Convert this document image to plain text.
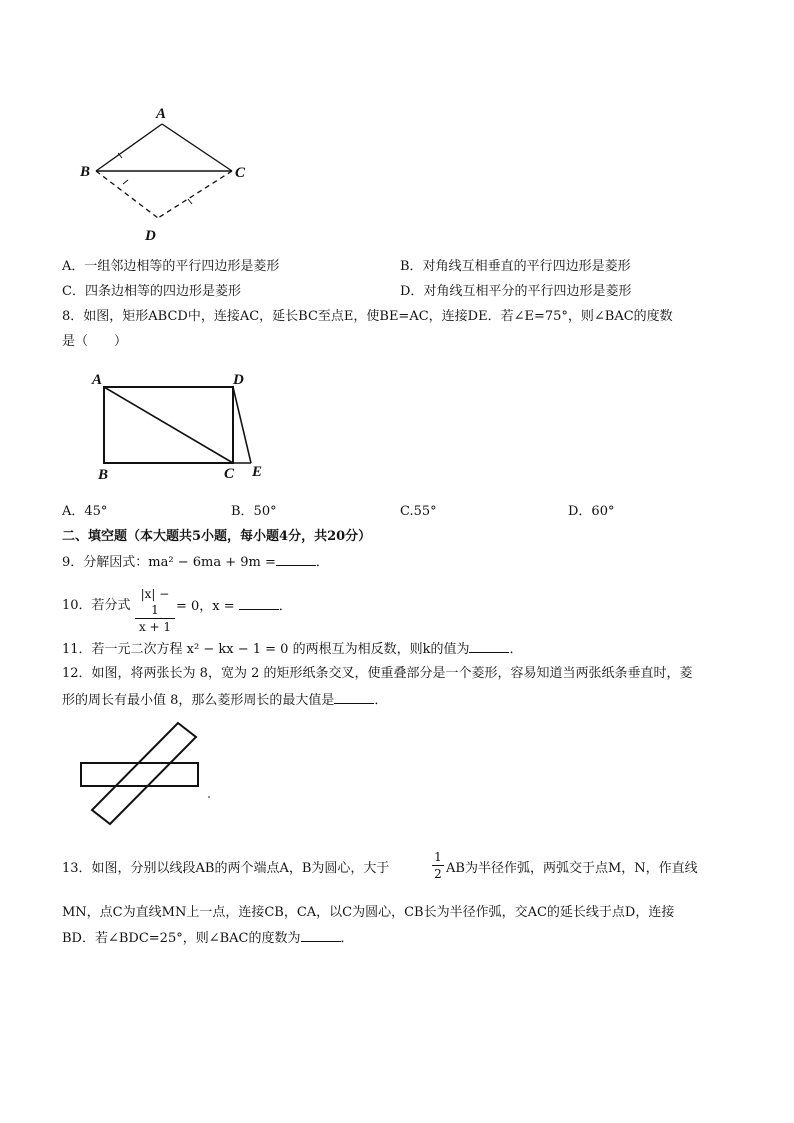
A
B	C
D
A．一组邻边相等的平行四边形是菱形	B．对角线互相垂直的平行四边形是菱形
C．四条边相等的四边形是菱形	D．对角线互相平分的平行四边形是菱形
8．如图，矩形ABCD中，连接AC，延长BC至点E，使BE=AC，连接DE．若∠E=75°，则∠BAC的度数
是（　　）
A	D
B	C E
A．45°	B．50°	C.55°	D．60°
二、填空题（本大题共5小题，每小题4分，共20分）
9．分解因式：ma² − 6ma + 9m =	．
10．若分式 $\frac{|x| - 1}{x + 1} = 0$，x =	．
11．若一元二次方程 x² − kx − 1 = 0 的两根互为相反数，则k的值为	．
12．如图，将两张长为 8，宽为 2 的矩形纸条交叉，使重叠部分是一个菱形，容易知道当两张纸条垂直时，菱
形的周长有最小值 8，那么菱形周长的最大值是	．
13．如图，分别以线段AB的两个端点A，B为圆心，大于	$\frac{1}{2}$ AB为半径作弧，两弧交于点M，N，作直线
MN，点C为直线MN上一点，连接CB，CA，以C为圆心，CB长为半径作弧，交AC的延长线于点D，连接
BD．若∠BDC=25°，则∠BAC的度数为	．
